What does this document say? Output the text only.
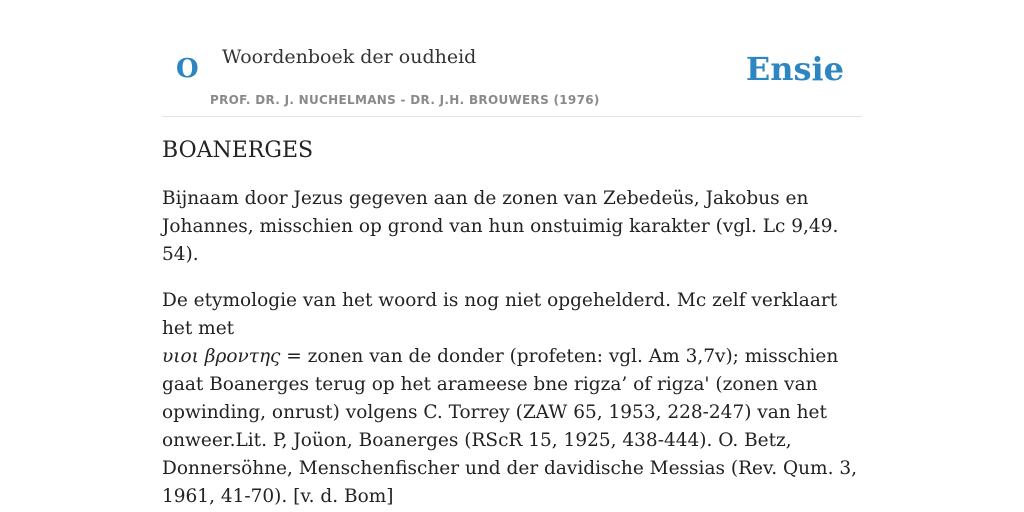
O Woordenboek der oudheid
PROF. DR. J. NUCHELMANS - DR. J.H. BROUWERS (1976)
Ensie
BOANERGES

Bijnaam door Jezus gegeven aan de zonen van Zebedeüs, Jakobus en Johannes, misschien op grond van hun onstuimig karakter (vgl. Lc 9,49. 54).

De etymologie van het woord is nog niet opgehelderd. Mc zelf verklaart het met
υιοι βροντης = zonen van de donder (profeten: vgl. Am 3,7v); misschien gaat Boanerges terug op het arameese bne rigza’ of rigza' (zonen van opwinding, onrust) volgens C. Torrey (ZAW 65, 1953, 228-247) van het onweer.Lit. P, Joüon, Boanerges (RScR 15, 1925, 438-444). O. Betz, Donnersöhne, Menschenfischer und der davidische Messias (Rev. Qum. 3, 1961, 41-70). [v. d. Bom]
